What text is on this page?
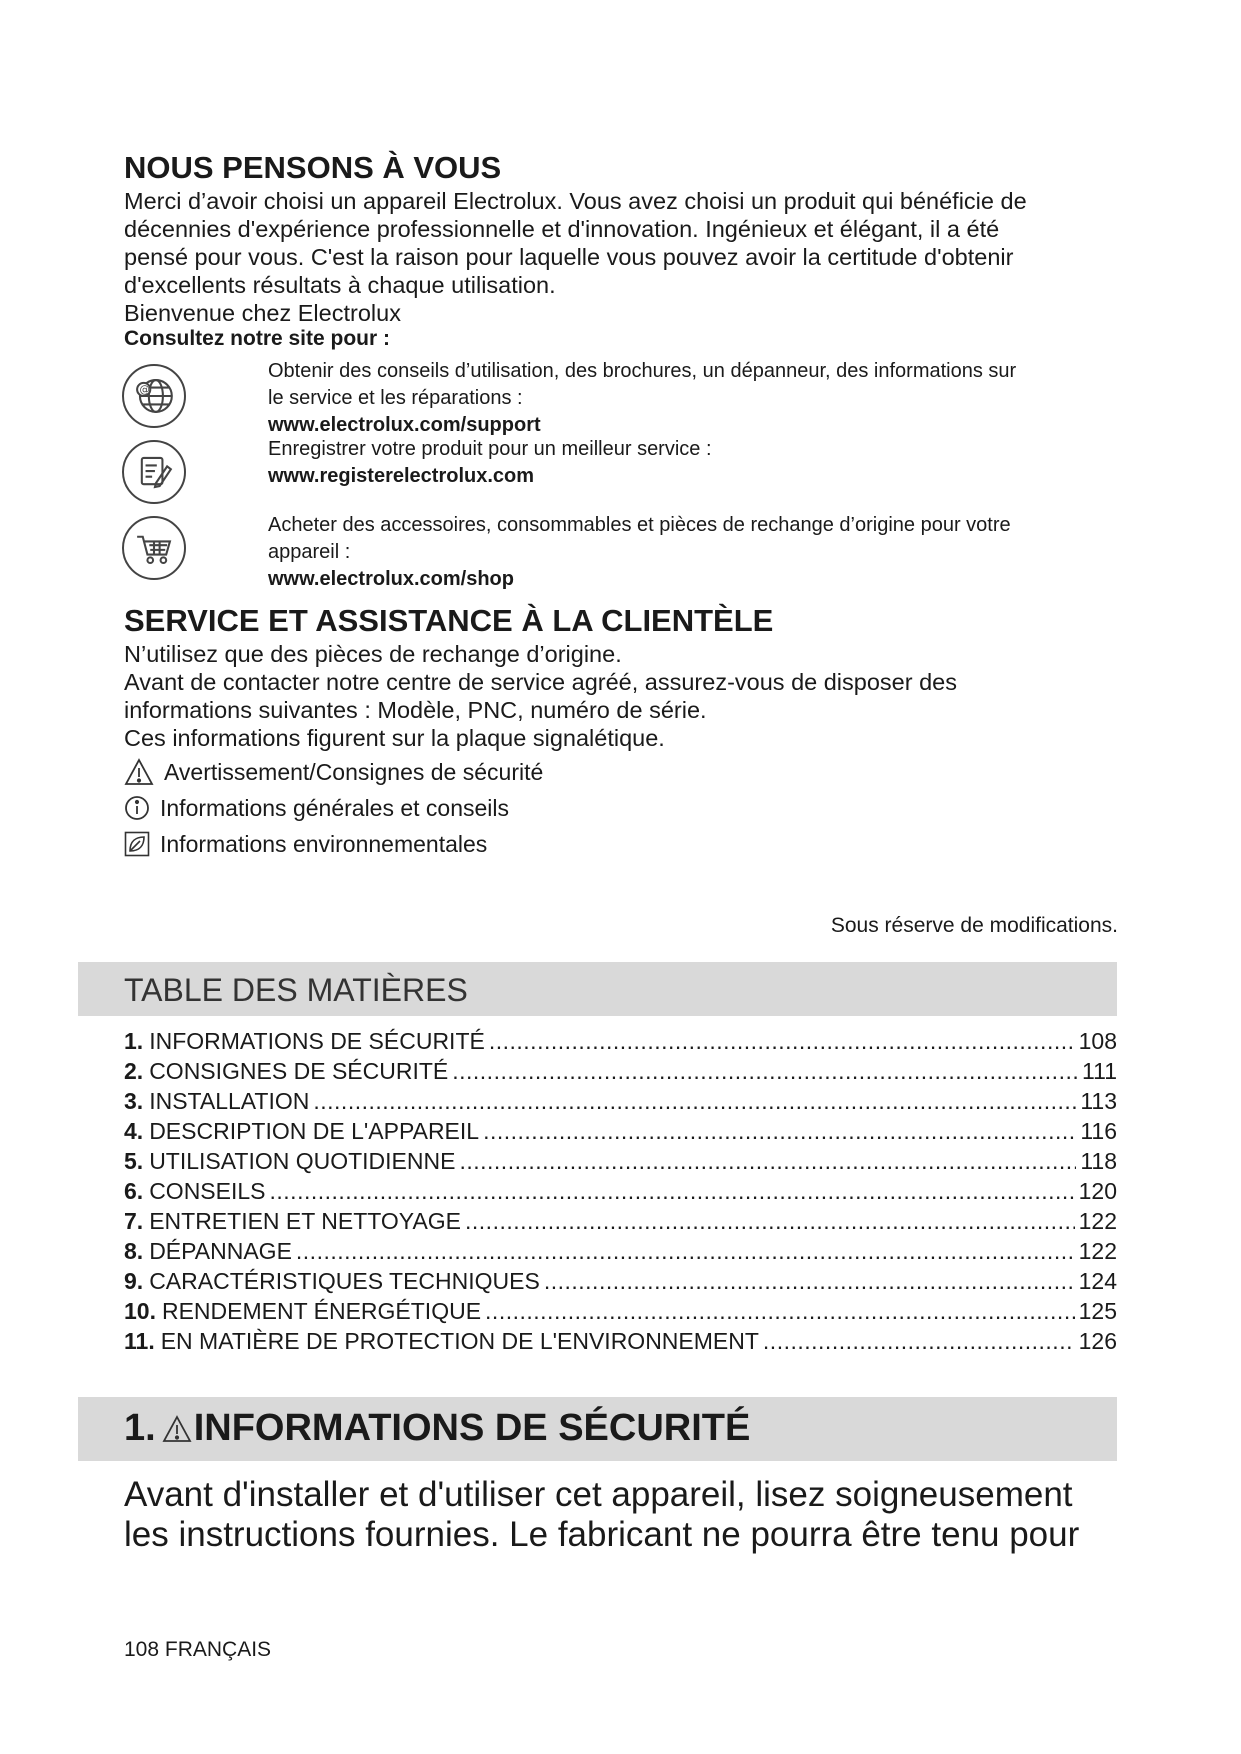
NOUS PENSONS À VOUS
Merci d’avoir choisi un appareil Electrolux. Vous avez choisi un produit qui bénéficie de
décennies d'expérience professionnelle et d'innovation. Ingénieux et élégant, il a été
pensé pour vous. C'est la raison pour laquelle vous pouvez avoir la certitude d'obtenir
d'excellents résultats à chaque utilisation.
Bienvenue chez Electrolux
Consultez notre site pour :
@
Obtenir des conseils d’utilisation, des brochures, un dépanneur, des informations sur
le service et les réparations :
www.electrolux.com/support
Enregistrer votre produit pour un meilleur service :
www.registerelectrolux.com
Acheter des accessoires, consommables et pièces de rechange d’origine pour votre
appareil :
www.electrolux.com/shop
SERVICE ET ASSISTANCE À LA CLIENTÈLE
N’utilisez que des pièces de rechange d’origine.
Avant de contacter notre centre de service agréé, assurez-vous de disposer des
informations suivantes : Modèle, PNC, numéro de série.
Ces informations figurent sur la plaque signalétique.
Avertissement/Consignes de sécurité
Informations générales et conseils
Informations environnementales
Sous réserve de modifications.
TABLE DES MATIÈRES
1. INFORMATIONS DE SÉCURITÉ .....	108
2. CONSIGNES DE SÉCURITÉ .....	111
3. INSTALLATION .....	113
4. DESCRIPTION DE L'APPAREIL .....	116
5. UTILISATION QUOTIDIENNE .....	118
6. CONSEILS .....	120
7. ENTRETIEN ET NETTOYAGE .....	122
8. DÉPANNAGE .....	122
9. CARACTÉRISTIQUES TECHNIQUES .....	124
10. RENDEMENT ÉNERGÉTIQUE .....	125
11. EN MATIÈRE DE PROTECTION DE L'ENVIRONNEMENT .....	126
1. INFORMATIONS DE SÉCURITÉ
Avant d'installer et d'utiliser cet appareil, lisez soigneusement
les instructions fournies. Le fabricant ne pourra être tenu pour
108 FRANÇAIS
